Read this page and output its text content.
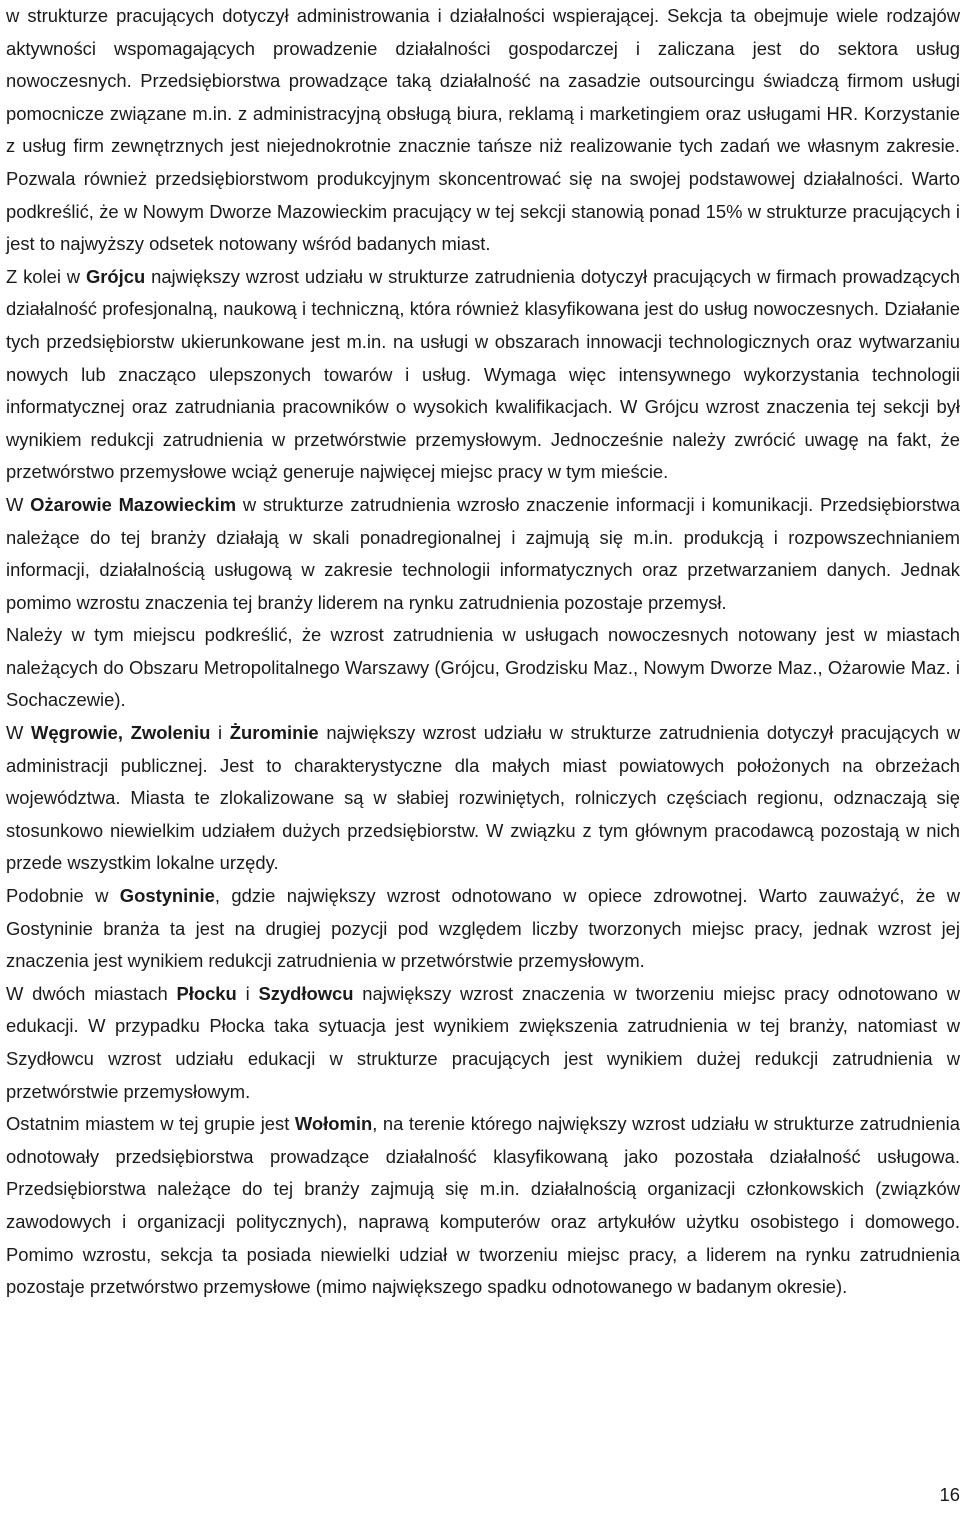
w strukturze pracujących dotyczył administrowania i działalności wspierającej. Sekcja ta obejmuje wiele rodzajów aktywności wspomagających prowadzenie działalności gospodarczej i zaliczana jest do sektora usług nowoczesnych. Przedsiębiorstwa prowadzące taką działalność na zasadzie outsourcingu świadczą firmom usługi pomocnicze związane m.in. z administracyjną obsługą biura, reklamą i marketingiem oraz usługami HR. Korzystanie z usług firm zewnętrznych jest niejednokrotnie znacznie tańsze niż realizowanie tych zadań we własnym zakresie. Pozwala również przedsiębiorstwom produkcyjnym skoncentrować się na swojej podstawowej działalności. Warto podkreślić, że w Nowym Dworze Mazowieckim pracujący w tej sekcji stanowią ponad 15% w strukturze pracujących i jest to najwyższy odsetek notowany wśród badanych miast.

Z kolei w Grójcu największy wzrost udziału w strukturze zatrudnienia dotyczył pracujących w firmach prowadzących działalność profesjonalną, naukową i techniczną, która również klasyfikowana jest do usług nowoczesnych. Działanie tych przedsiębiorstw ukierunkowane jest m.in. na usługi w obszarach innowacji technologicznych oraz wytwarzaniu nowych lub znacząco ulepszonych towarów i usług. Wymaga więc intensywnego wykorzystania technologii informatycznej oraz zatrudniania pracowników o wysokich kwalifikacjach. W Grójcu wzrost znaczenia tej sekcji był wynikiem redukcji zatrudnienia w przetwórstwie przemysłowym. Jednocześnie należy zwrócić uwagę na fakt, że przetwórstwo przemysłowe wciąż generuje najwięcej miejsc pracy w tym mieście.

W Ożarowie Mazowieckim w strukturze zatrudnienia wzrosło znaczenie informacji i komunikacji. Przedsiębiorstwa należące do tej branży działają w skali ponadregionalnej i zajmują się m.in. produkcją i rozpowszechnianiem informacji, działalnością usługową w zakresie technologii informatycznych oraz przetwarzaniem danych. Jednak pomimo wzrostu znaczenia tej branży liderem na rynku zatrudnienia pozostaje przemysł.

Należy w tym miejscu podkreślić, że wzrost zatrudnienia w usługach nowoczesnych notowany jest w miastach należących do Obszaru Metropolitalnego Warszawy (Grójcu, Grodzisku Maz., Nowym Dworze Maz., Ożarowie Maz. i Sochaczewie).

W Węgrowie, Zwoleniu i Żurominie największy wzrost udziału w strukturze zatrudnienia dotyczył pracujących w administracji publicznej. Jest to charakterystyczne dla małych miast powiatowych położonych na obrzeżach województwa. Miasta te zlokalizowane są w słabiej rozwiniętych, rolniczych częściach regionu, odznaczają się stosunkowo niewielkim udziałem dużych przedsiębiorstw. W związku z tym głównym pracodawcą pozostają w nich przede wszystkim lokalne urzędy.

Podobnie w Gostyninie, gdzie największy wzrost odnotowano w opiece zdrowotnej. Warto zauważyć, że w Gostyninie branża ta jest na drugiej pozycji pod względem liczby tworzonych miejsc pracy, jednak wzrost jej znaczenia jest wynikiem redukcji zatrudnienia w przetwórstwie przemysłowym.

W dwóch miastach Płocku i Szydłowcu największy wzrost znaczenia w tworzeniu miejsc pracy odnotowano w edukacji. W przypadku Płocka taka sytuacja jest wynikiem zwiększenia zatrudnienia w tej branży, natomiast w Szydłowcu wzrost udziału edukacji w strukturze pracujących jest wynikiem dużej redukcji zatrudnienia w przetwórstwie przemysłowym.

Ostatnim miastem w tej grupie jest Wołomin, na terenie którego największy wzrost udziału w strukturze zatrudnienia odnotowały przedsiębiorstwa prowadzące działalność klasyfikowaną jako pozostała działalność usługowa. Przedsiębiorstwa należące do tej branży zajmują się m.in. działalnością organizacji członkowskich (związków zawodowych i organizacji politycznych), naprawą komputerów oraz artykułów użytku osobistego i domowego. Pomimo wzrostu, sekcja ta posiada niewielki udział w tworzeniu miejsc pracy, a liderem na rynku zatrudnienia pozostaje przetwórstwo przemysłowe (mimo największego spadku odnotowanego w badanym okresie).

16
